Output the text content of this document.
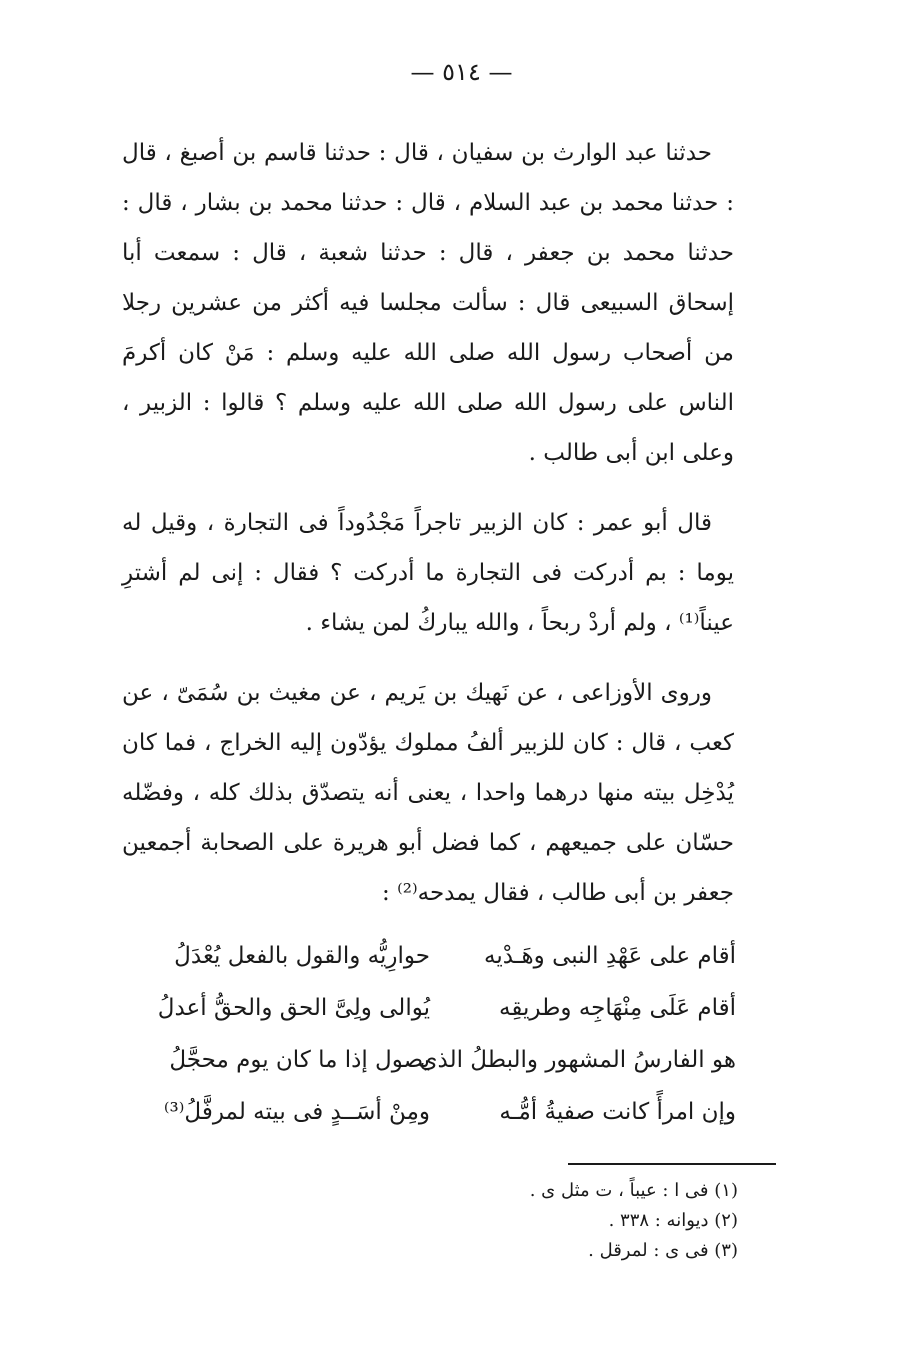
— ٥١٤ —

حدثنا عبد الوارث بن سفيان ، قال : حدثنا قاسم بن أصبغ ، قال : حدثنا محمد بن عبد السلام ، قال : حدثنا محمد بن بشار ، قال : حدثنا محمد بن جعفر ، قال : حدثنا شعبة ، قال : سمعت أبا إسحاق السبيعى قال : سألت مجلسا فيه أكثر من عشرين رجلا من أصحاب رسول الله صلى الله عليه وسلم : مَنْ كان أكرمَ الناس على رسول الله صلى الله عليه وسلم ؟ قالوا : الزبير ، وعلى ابن أبى طالب .

قال أبو عمر : كان الزبير تاجراً مَجْدُوداً فى التجارة ، وقيل له يوما : بم أدركت فى التجارة ما أدركت ؟ فقال : إنى لم أشترِ عيناً⁽¹⁾ ، ولم أردْ ربحاً ، والله يباركُ لمن يشاء .

وروى الأوزاعى ، عن نَهيك بن يَريم ، عن مغيث بن سُمَىّ ، عن كعب ، قال : كان للزبير ألفُ مملوك يؤدّون إليه الخراج ، فما كان يُدْخِل بيته منها درهما واحدا ، يعنى أنه يتصدّق بذلك كله ، وفضّله حسّان على جميعهم ، كما فضل أبو هريرة على الصحابة أجمعين جعفر بن أبى طالب ، فقال يمدحه⁽²⁾ :

أقام على عَهْدِ النبى وهَـدْيه
حوارِيُّه والقول بالفعل يُعْدَلُ
أقام عَلَى مِنْهَاجِه وطريقِه
يُوالى ولِىَّ الحق والحقُّ أعدلُ
هو الفارسُ المشهور والبطلُ الذى
يصول إذا ما كان يوم محجَّلُ
وإن امرأً كانت صفيةُ أمُّـه
ومِنْ أسَــدٍ فى بيته لمرفَّلُ⁽³⁾
(١) فى ا : عيباً ، ت مثل ى .
(٢) ديوانه : ٣٣٨ .
(٣) فى ى : لمرقل .
